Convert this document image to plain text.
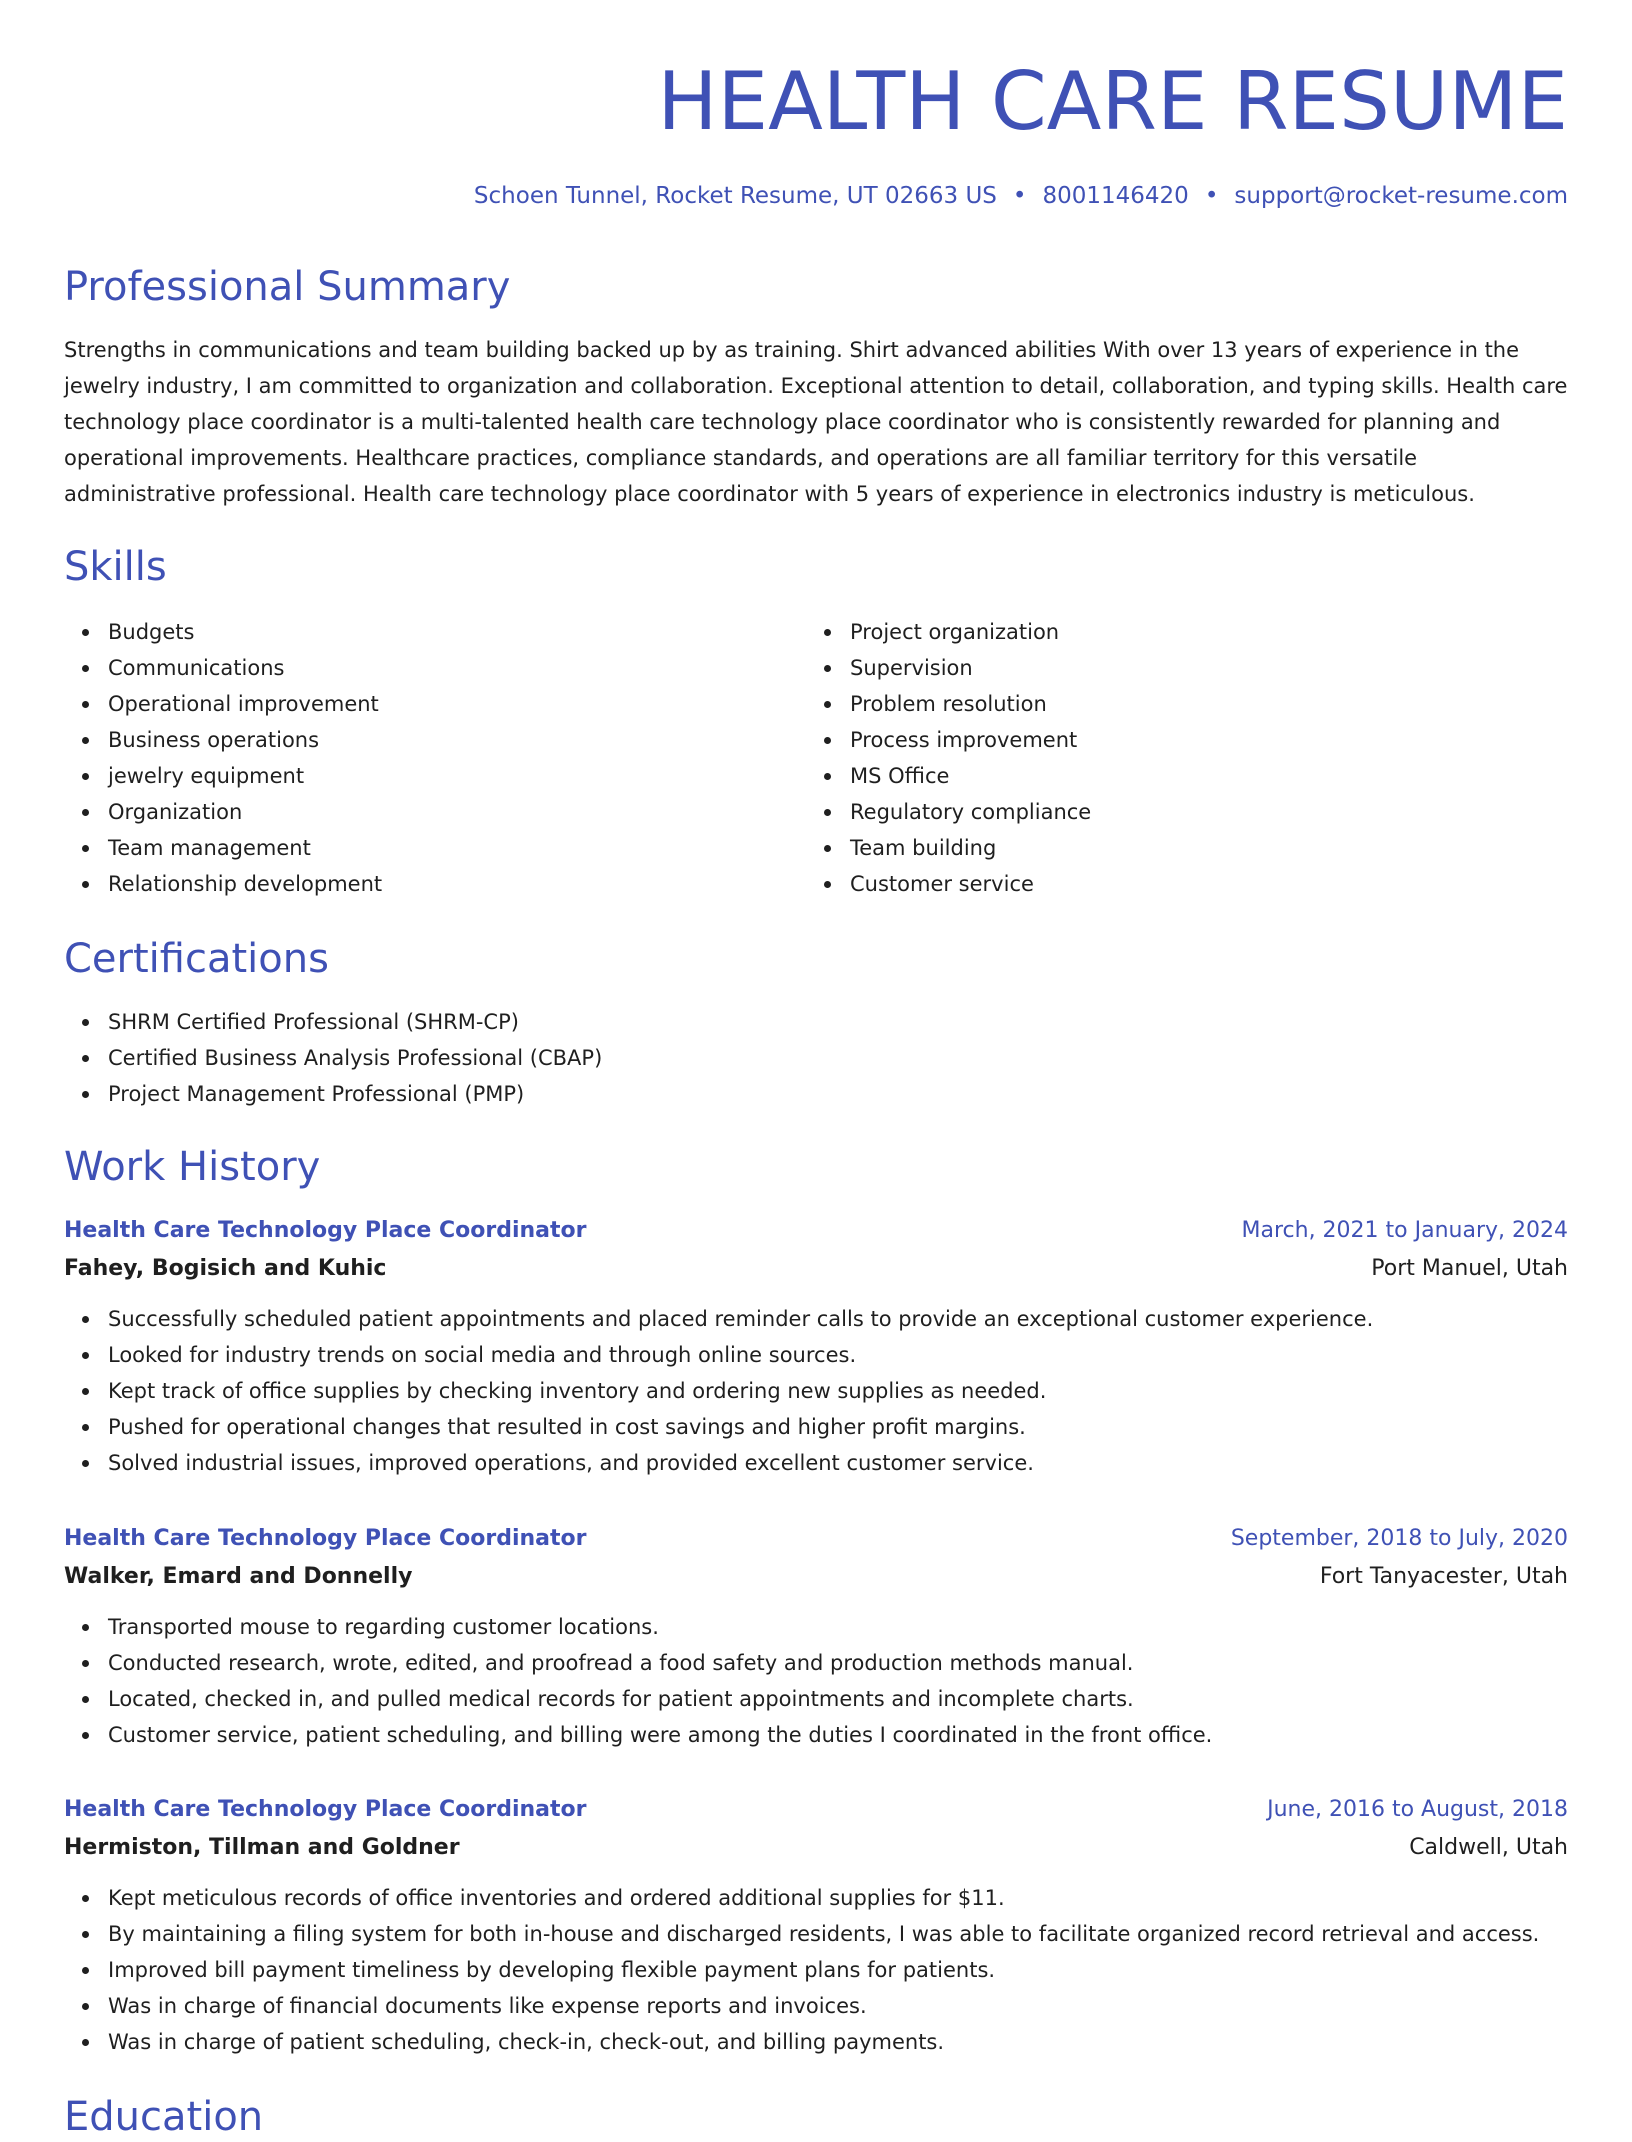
HEALTH CARE RESUME
Schoen Tunnel, Rocket Resume, UT 02663 US • 8001146420 • support@rocket-resume.com
Professional Summary

Strengths in communications and team building backed up by as training. Shirt advanced abilities With over 13 years of experience in the jewelry industry, I am committed to organization and collaboration. Exceptional attention to detail, collaboration, and typing skills. Health care technology place coordinator is a multi-talented health care technology place coordinator who is consistently rewarded for planning and operational improvements. Healthcare practices, compliance standards, and operations are all familiar territory for this versatile administrative professional. Health care technology place coordinator with 5 years of experience in electronics industry is meticulous.

Skills
Budgets
Communications
Operational improvement
Business operations
jewelry equipment
Organization
Team management
Relationship development
Project organization
Supervision
Problem resolution
Process improvement
MS Office
Regulatory compliance
Team building
Customer service
Certifications
SHRM Certified Professional (SHRM-CP)
Certified Business Analysis Professional (CBAP)
Project Management Professional (PMP)
Work History
Health Care Technology Place Coordinator	March, 2021 to January, 2024
Fahey, Bogisich and Kuhic	Port Manuel, Utah
Successfully scheduled patient appointments and placed reminder calls to provide an exceptional customer experience.
Looked for industry trends on social media and through online sources.
Kept track of office supplies by checking inventory and ordering new supplies as needed.
Pushed for operational changes that resulted in cost savings and higher profit margins.
Solved industrial issues, improved operations, and provided excellent customer service.
Health Care Technology Place Coordinator	September, 2018 to July, 2020
Walker, Emard and Donnelly	Fort Tanyacester, Utah
Transported mouse to regarding customer locations.
Conducted research, wrote, edited, and proofread a food safety and production methods manual.
Located, checked in, and pulled medical records for patient appointments and incomplete charts.
Customer service, patient scheduling, and billing were among the duties I coordinated in the front office.
Health Care Technology Place Coordinator	June, 2016 to August, 2018
Hermiston, Tillman and Goldner	Caldwell, Utah
Kept meticulous records of office inventories and ordered additional supplies for $11.
By maintaining a filing system for both in-house and discharged residents, I was able to facilitate organized record retrieval and access.
Improved bill payment timeliness by developing flexible payment plans for patients.
Was in charge of financial documents like expense reports and invoices.
Was in charge of patient scheduling, check-in, check-out, and billing payments.
Education
